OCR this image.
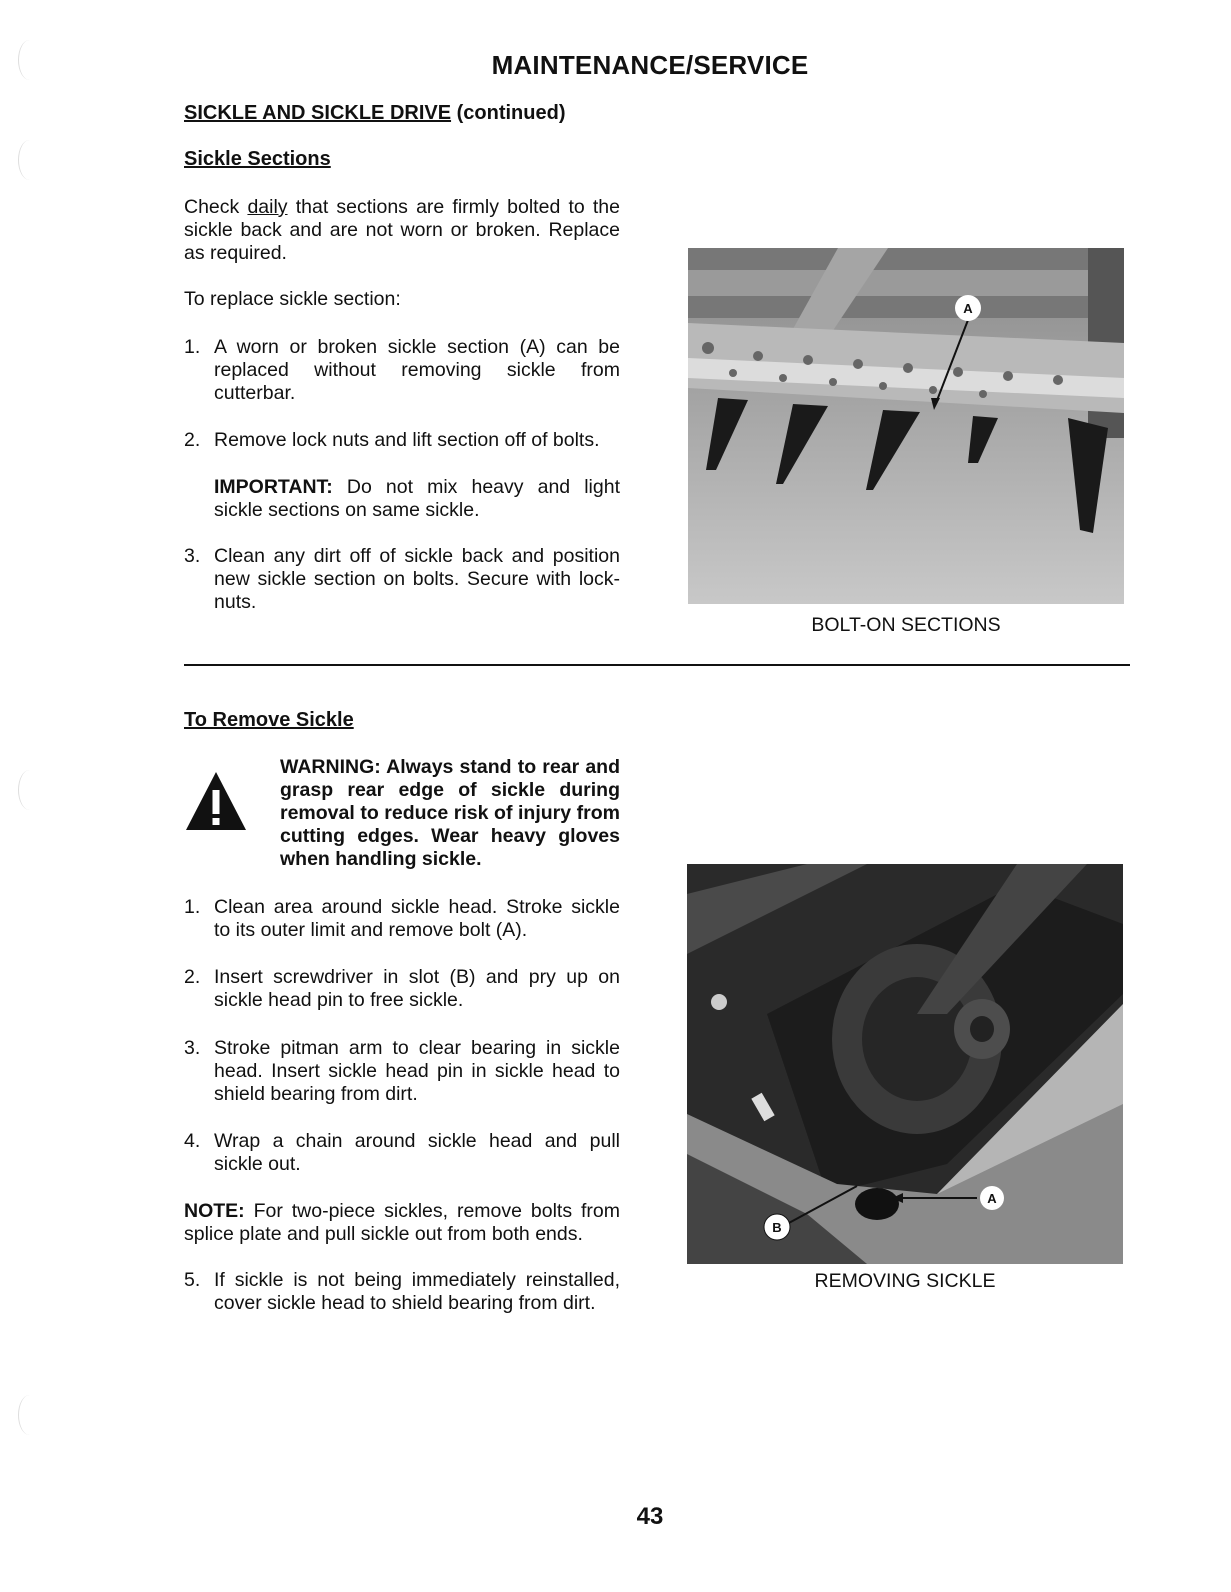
MAINTENANCE/SERVICE
SICKLE AND SICKLE DRIVE (continued)
Sickle Sections
Check daily that sections are firmly bolted to the sickle back and are not worn or broken. Replace as required.
To replace sickle section:
1. A worn or broken sickle section (A) can be replaced without removing sickle from cutterbar.
2. Remove lock nuts and lift section off of bolts.
IMPORTANT: Do not mix heavy and light sickle sections on same sickle.
3. Clean any dirt off of sickle back and position new sickle section on bolts. Secure with lock-nuts.
A
BOLT-ON SECTIONS
To Remove Sickle
WARNING: Always stand to rear and grasp rear edge of sickle during removal to reduce risk of injury from cutting edges. Wear heavy gloves when handling sickle.
1. Clean area around sickle head. Stroke sickle to its outer limit and remove bolt (A).
2. Insert screwdriver in slot (B) and pry up on sickle head pin to free sickle.
3. Stroke pitman arm to clear bearing in sickle head. Insert sickle head pin in sickle head to shield bearing from dirt.
4. Wrap a chain around sickle head and pull sickle out.
NOTE: For two-piece sickles, remove bolts from splice plate and pull sickle out from both ends.
5. If sickle is not being immediately reinstalled, cover sickle head to shield bearing from dirt.
A
B
REMOVING SICKLE
43
